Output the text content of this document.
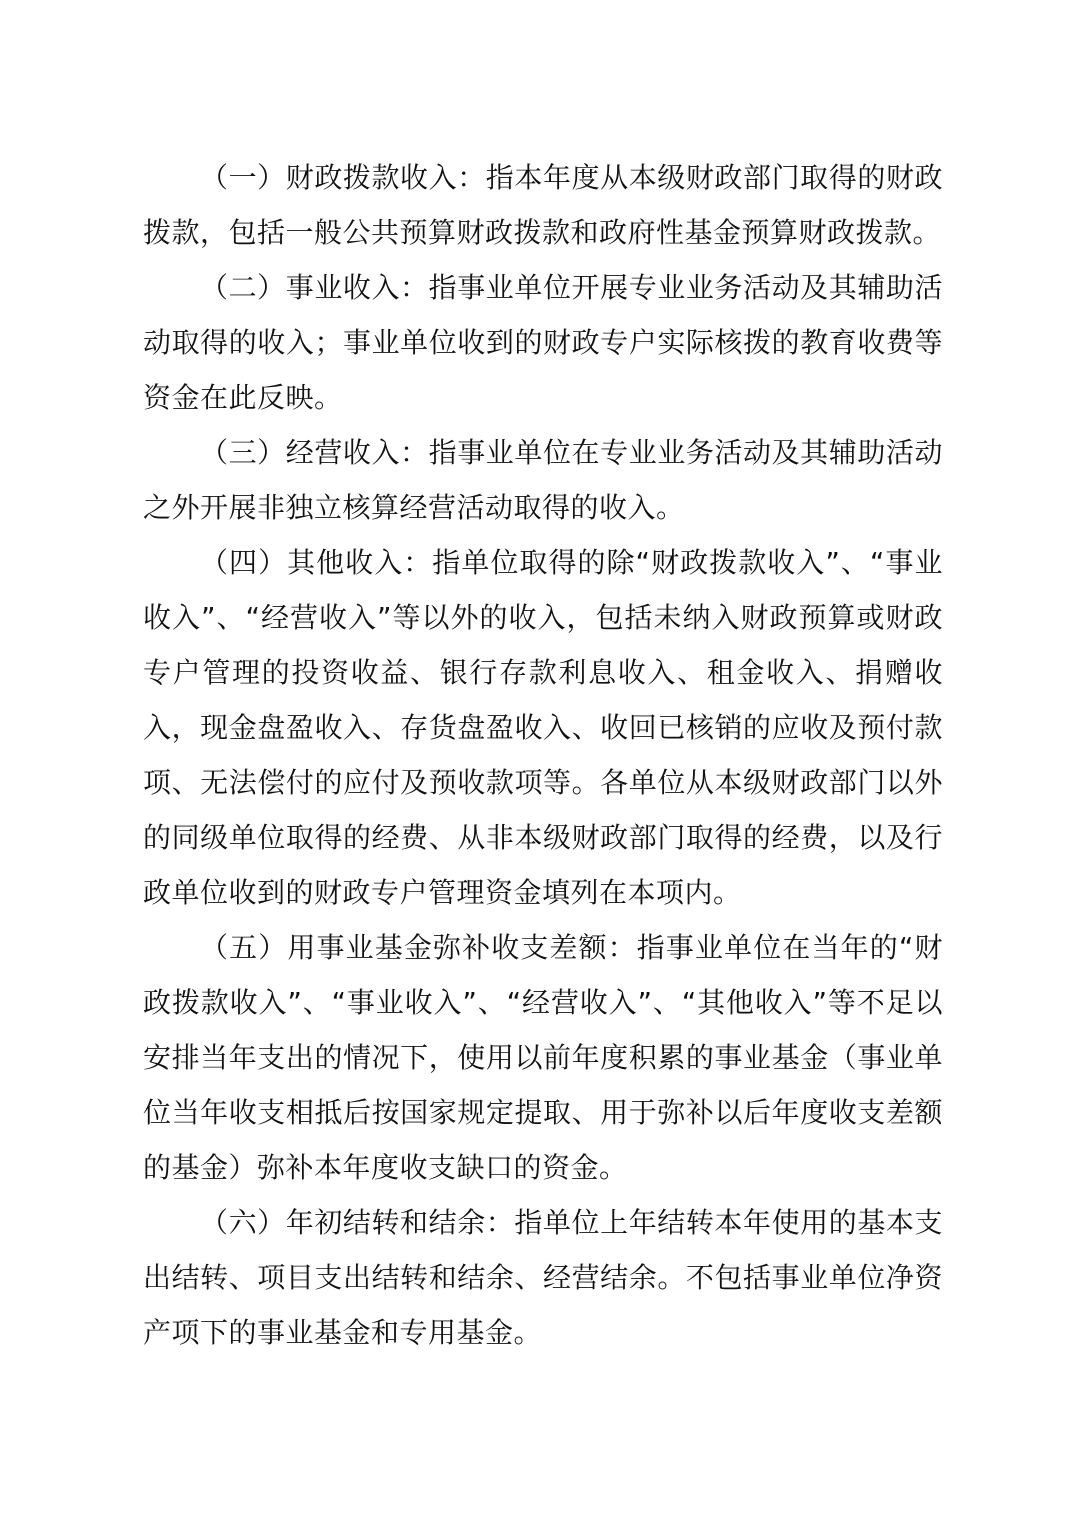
（一）财政拨款收入：指本年度从本级财政部门取得的财政拨款，包括一般公共预算财政拨款和政府性基金预算财政拨款。

（二）事业收入：指事业单位开展专业业务活动及其辅助活动取得的收入；事业单位收到的财政专户实际核拨的教育收费等资金在此反映。

（三）经营收入：指事业单位在专业业务活动及其辅助活动之外开展非独立核算经营活动取得的收入。

（四）其他收入：指单位取得的除“财政拨款收入”、“事业收入”、“经营收入”等以外的收入，包括未纳入财政预算或财政专户管理的投资收益、银行存款利息收入、租金收入、捐赠收入，现金盘盈收入、存货盘盈收入、收回已核销的应收及预付款项、无法偿付的应付及预收款项等。各单位从本级财政部门以外的同级单位取得的经费、从非本级财政部门取得的经费，以及行政单位收到的财政专户管理资金填列在本项内。

（五）用事业基金弥补收支差额：指事业单位在当年的“财政拨款收入”、“事业收入”、“经营收入”、“其他收入”等不足以安排当年支出的情况下，使用以前年度积累的事业基金（事业单位当年收支相抵后按国家规定提取、用于弥补以后年度收支差额的基金）弥补本年度收支缺口的资金。

（六）年初结转和结余：指单位上年结转本年使用的基本支出结转、项目支出结转和结余、经营结余。不包括事业单位净资产项下的事业基金和专用基金。
